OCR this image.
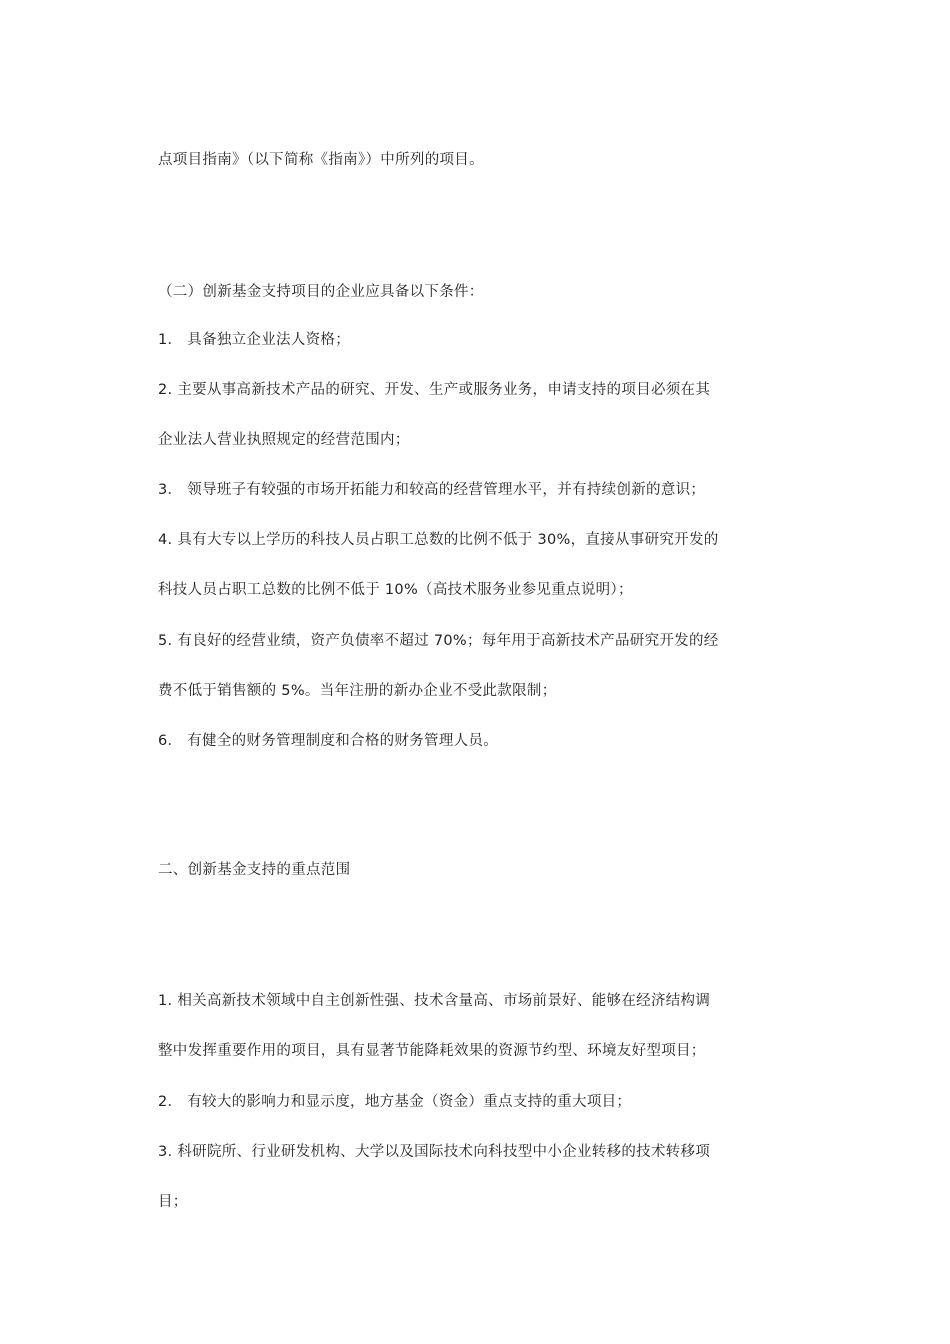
点项目指南》（以下简称《指南》）中所列的项目。
（二）创新基金支持项目的企业应具备以下条件：
1． 具备独立企业法人资格；
2. 主要从事高新技术产品的研究、开发、生产或服务业务，申请支持的项目必须在其
企业法人营业执照规定的经营范围内；
3． 领导班子有较强的市场开拓能力和较高的经营管理水平，并有持续创新的意识；
4. 具有大专以上学历的科技人员占职工总数的比例不低于 30%，直接从事研究开发的
科技人员占职工总数的比例不低于 10%（高技术服务业参见重点说明）；
5. 有良好的经营业绩，资产负债率不超过 70%；每年用于高新技术产品研究开发的经
费不低于销售额的 5%。当年注册的新办企业不受此款限制；
6． 有健全的财务管理制度和合格的财务管理人员。
二、创新基金支持的重点范围
1. 相关高新技术领域中自主创新性强、技术含量高、市场前景好、能够在经济结构调
整中发挥重要作用的项目，具有显著节能降耗效果的资源节约型、环境友好型项目；
2． 有较大的影响力和显示度，地方基金（资金）重点支持的重大项目；
3. 科研院所、行业研发机构、大学以及国际技术向科技型中小企业转移的技术转移项
目；
